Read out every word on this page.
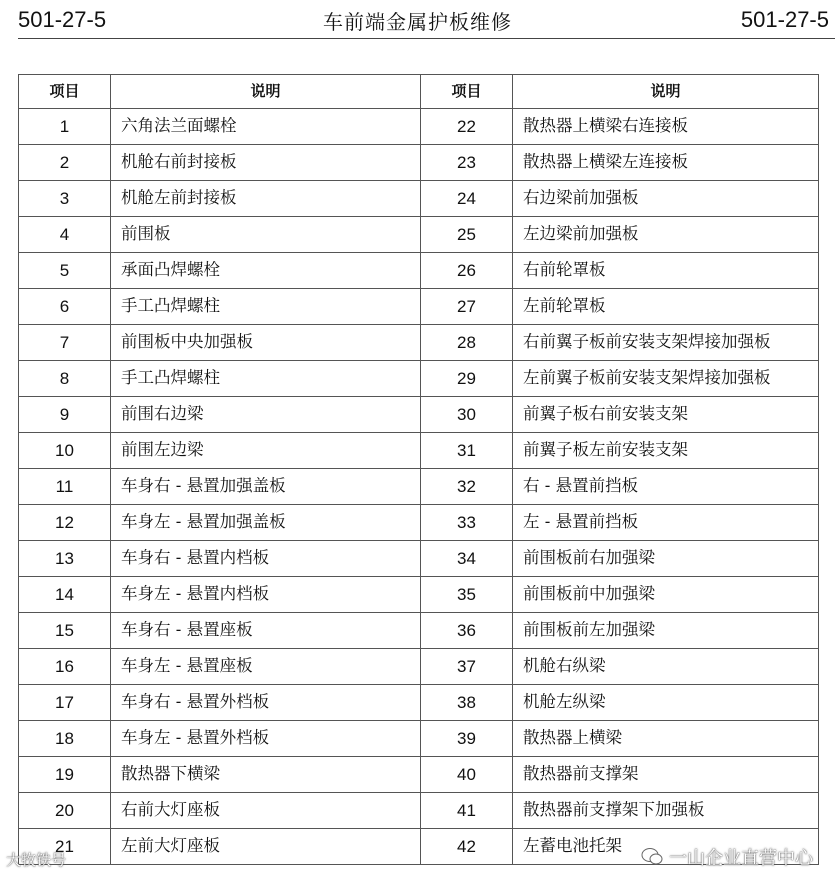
501-27-5	车前端金属护板维修	501-27-5
项目	说明	项目	说明
1	六角法兰面螺栓	22	散热器上横梁右连接板
2	机舱右前封接板	23	散热器上横梁左连接板
3	机舱左前封接板	24	右边梁前加强板
4	前围板	25	左边梁前加强板
5	承面凸焊螺栓	26	右前轮罩板
6	手工凸焊螺柱	27	左前轮罩板
7	前围板中央加强板	28	右前翼子板前安装支架焊接加强板
8	手工凸焊螺柱	29	左前翼子板前安装支架焊接加强板
9	前围右边梁	30	前翼子板右前安装支架
10	前围左边梁	31	前翼子板左前安装支架
11	车身右 - 悬置加强盖板	32	右 - 悬置前挡板
12	车身左 - 悬置加强盖板	33	左 - 悬置前挡板
13	车身右 - 悬置内档板	34	前围板前右加强梁
14	车身左 - 悬置内档板	35	前围板前中加强梁
15	车身右 - 悬置座板	36	前围板前左加强梁
16	车身左 - 悬置座板	37	机舱右纵梁
17	车身右 - 悬置外档板	38	机舱左纵梁
18	车身左 - 悬置外档板	39	散热器上横梁
19	散热器下横梁	40	散热器前支撑架
20	右前大灯座板	41	散热器前支撑架下加强板
21	左前大灯座板	42	左蓄电池托架
大牧铁号	一山企业直营中心
